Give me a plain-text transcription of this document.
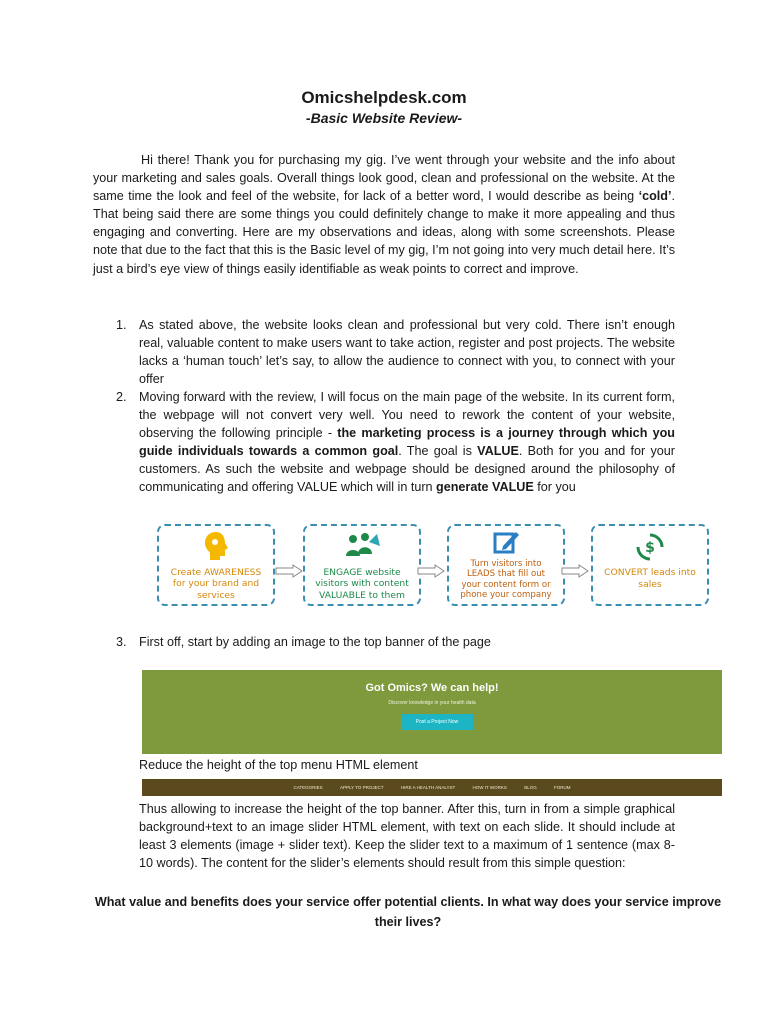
Omicshelpdesk.com
-Basic Website Review-

Hi there! Thank you for purchasing my gig. I’ve went through your website and the info about your marketing and sales goals. Overall things look good, clean and professional on the website. At the same time the look and feel of the website, for lack of a better word, I would describe as being ‘cold’. That being said there are some things you could definitely change to make it more appealing and thus engaging and converting. Here are my observations and ideas, along with some screenshots. Please note that due to the fact that this is the Basic level of my gig, I’m not going into very much detail here. It’s just a bird’s eye view of things easily identifiable as weak points to correct and improve.

1. As stated above, the website looks clean and professional but very cold. There isn’t enough real, valuable content to make users want to take action, register and post projects. The website lacks a ‘human touch’ let’s say, to allow the audience to connect with you, to connect with your offer

2. Moving forward with the review, I will focus on the main page of the website. In its current form, the webpage will not convert very well. You need to rework the content of your website, observing the following principle - the marketing process is a journey through which you guide individuals towards a common goal. The goal is VALUE. Both for you and for your customers. As such the website and webpage should be designed around the philosophy of communicating and offering VALUE which will in turn generate VALUE for you

Create AWARENESS
for your brand and
services
ENGAGE website
visitors with content
VALUABLE to them
Turn visitors into
LEADS that fill out
your content form or
phone your company
$
CONVERT leads into
sales
3. First off, start by adding an image to the top banner of the page

Got Omics? We can help!
Discover knowledge in your health data
Post a Project Now
Reduce the height of the top menu HTML element
CATEGORIES	APPLY TO PROJECT	HIRE A HEALTH ANALYST	HOW IT WORKS	BLOG	FORUM

Thus allowing to increase the height of the top banner. After this, turn in from a simple graphical background+text to an image slider HTML element, with text on each slide. It should include at least 3 elements (image + slider text). Keep the slider text to a maximum of 1 sentence (max 8-10 words). The content for the slider’s elements should result from this simple question:

What value and benefits does your service offer potential clients. In what way does your service improve their lives?
